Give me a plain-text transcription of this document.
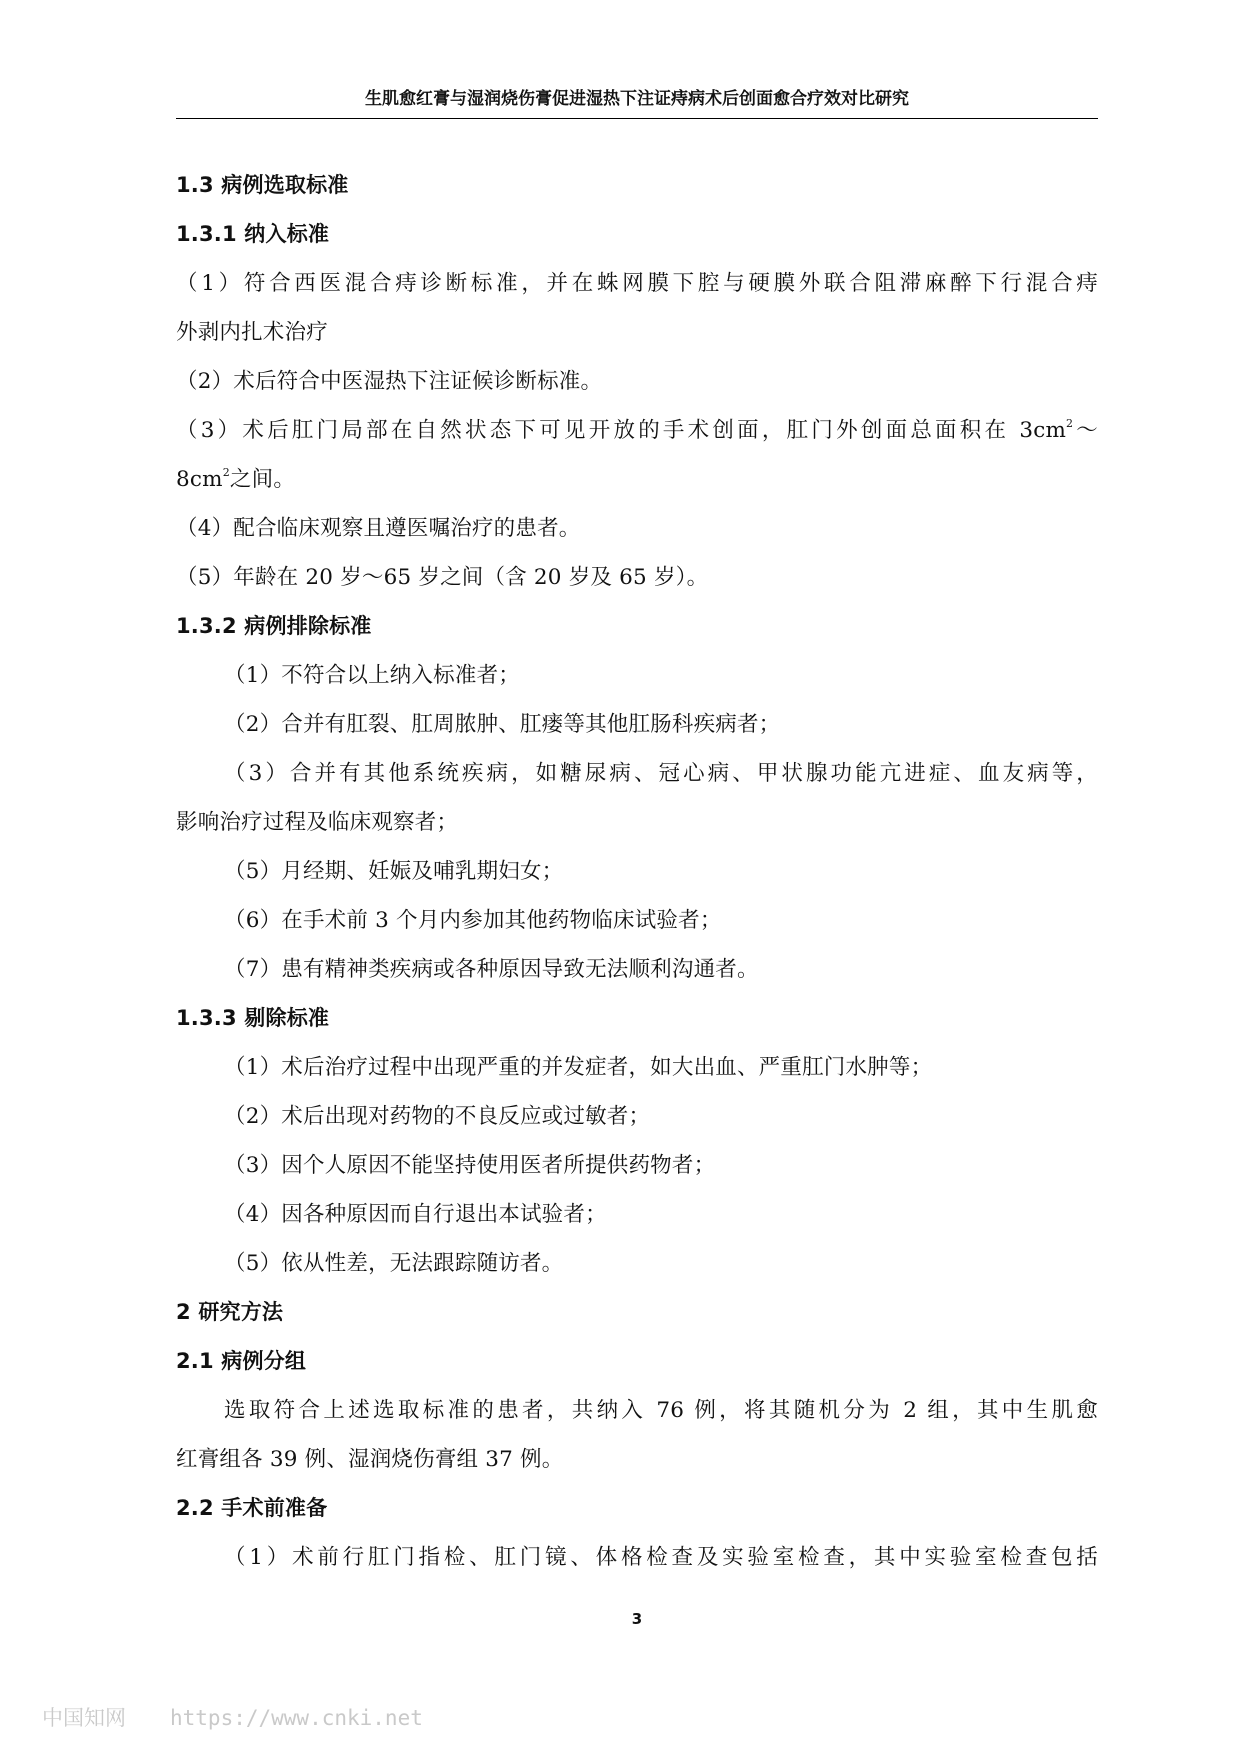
生肌愈红膏与湿润烧伤膏促进湿热下注证痔病术后创面愈合疗效对比研究
1.3 病例选取标准
1.3.1 纳入标准
（1）符合西医混合痔诊断标准，并在蛛网膜下腔与硬膜外联合阻滞麻醉下行混合痔
外剥内扎术治疗
（2）术后符合中医湿热下注证候诊断标准。
（3）术后肛门局部在自然状态下可见开放的手术创面，肛门外创面总面积在 $3cm^2\sim$
$8cm^2$之间。
（4）配合临床观察且遵医嘱治疗的患者。
（5）年龄在 20 岁～65 岁之间（含 20 岁及 65 岁）。
1.3.2 病例排除标准
（1）不符合以上纳入标准者；
（2）合并有肛裂、肛周脓肿、肛瘘等其他肛肠科疾病者；
（3）合并有其他系统疾病，如糖尿病、冠心病、甲状腺功能亢进症、血友病等，
影响治疗过程及临床观察者；
（5）月经期、妊娠及哺乳期妇女；
（6）在手术前 3 个月内参加其他药物临床试验者；
（7）患有精神类疾病或各种原因导致无法顺利沟通者。
1.3.3 剔除标准
（1）术后治疗过程中出现严重的并发症者，如大出血、严重肛门水肿等；
（2）术后出现对药物的不良反应或过敏者；
（3）因个人原因不能坚持使用医者所提供药物者；
（4）因各种原因而自行退出本试验者；
（5）依从性差，无法跟踪随访者。
2 研究方法
2.1 病例分组
选取符合上述选取标准的患者，共纳入 76 例，将其随机分为 2 组，其中生肌愈
红膏组各 39 例、湿润烧伤膏组 37 例。
2.2 手术前准备
（1）术前行肛门指检、肛门镜、体格检查及实验室检查，其中实验室检查包括
3
中国知网 https://www.cnki.net
